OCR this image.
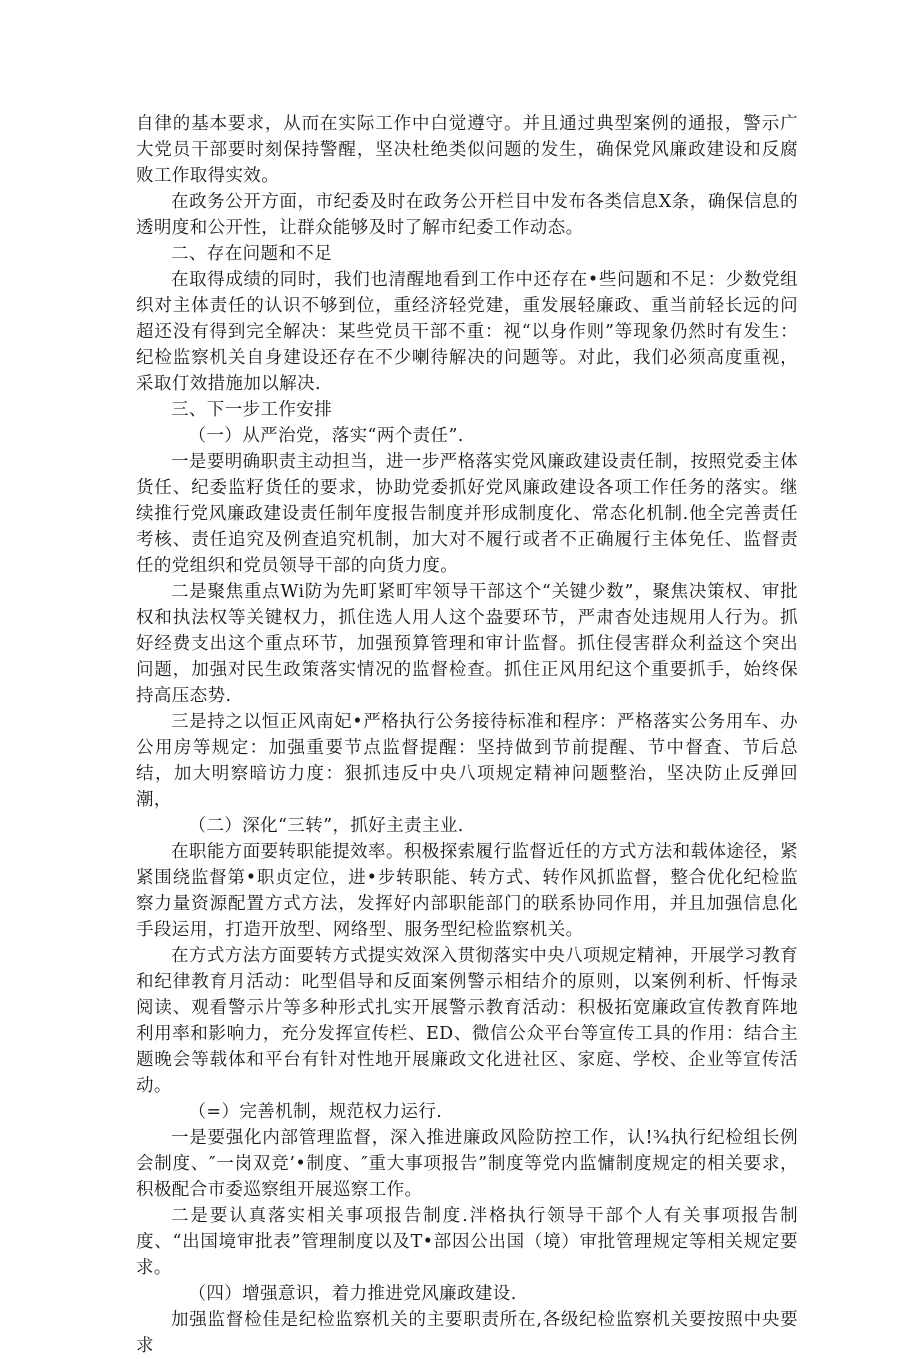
自律的基本要求，从而在实际工作中白觉遵守。并且通过典型案例的通报，警示广大党员干部要时刻保持警醒，坚决杜绝类似问题的发生，确保党风廉政建设和反腐败工作取得实效。

在政务公开方面，市纪委及时在政务公开栏目中发布各类信息X条，确保信息的透明度和公开性，让群众能够及时了解市纪委工作动态。

二、存在问题和不足

在取得成绩的同时，我们也清醒地看到工作中还存在•些问题和不足：少数党组织对主体责任的认识不够到位，重经济轻党建，重发展轻廉政、重当前轻长远的问超还没有得到完全解决：某些党员干部不重：视“以身作则”等现象仍然时有发生：纪检监察机关自身建设还存在不少喇待解决的问题等。对此，我们必须高度重视，采取仃效措施加以解决.

三、下一步工作安排

（一）从严治党，落实“两个责任”.

一是要明确职责主动担当，进一步严格落实党风廉政建设责任制，按照党委主体货任、纪委监籽货任的要求，协助党委抓好党风廉政建设各项工作任务的落实。继续推行党风廉政建设责任制年度报告制度并形成制度化、常态化机制.他全完善责任考核、责任追究及例查追究机制，加大对不履行或者不正确履行主体免任、监督责任的党组织和党员领导干部的向货力度。

二是聚焦重点Wi防为先町紧町牢领导干部这个“关键少数”，聚焦决策权、审批权和执法权等关键权力，抓住选人用人这个盎要环节，严肃杳处违规用人行为。抓好经费支出这个重点环节，加强预算管理和审计监督。抓住侵害群众利益这个突出问题，加强对民生政策落实情况的监督检查。抓住正风用纪这个重要抓手，始终保持高压态势.

三是持之以恒正风南妃•严格执行公务接待标准和程序：严格落实公务用车、办公用房等规定：加强重要节点监督提醒：坚持做到节前提醒、节中督査、节后总结，加大明察暗访力度：狠抓违反中央八项规定精神问题整治，坚决防止反弹回潮，

（二）深化“三转”，抓好主责主业.

在职能方面要转职能提效率。积极探索履行监督近任的方式方法和载体途径，紧紧围绕监督第•职贞定位，进•步转职能、转方式、转作风抓监督，整合优化纪检监察力量资源配置方式方法，发挥好内部职能部门的联系协同作用，并且加强信息化手段运用，打造开放型、网络型、服务型纪检监察机关。

在方式方法方面要转方式提实效深入贯彻落实中央八项规定精神，开展学习教育和纪律教育月活动：叱型倡导和反面案例警示相结介的原则，以案例利析、忏悔录阅读、观看警示片等多种形式扎实开展警示教育活动：积极拓宽廉政宣传教育阵地利用率和影响力，充分发挥宣传栏、ED、微信公众平台等宣传工具的作用：结合主题晚会等载体和平台有针对性地开展廉政文化进社区、家庭、学校、企业等宣传活动。

（=）完善机制，规范权力运行.

一是要强化内部管理监督，深入推进廉政风险防控工作，认!¾执行纪检组长例会制度、″一岗双竞’•制度、″重大事项报告”制度等党内监慵制度规定的相关要求，积极配合市委巡察组开展巡察工作。

二是要认真落实相关事项报告制度.泮格执行领导干部个人有关事项报告制度、“出国境审批表”管理制度以及T•部因公出国（境）审批管理规定等相关规定要求。

（四）增强意识，着力推进党风廉政建设.

加强监督检佳是纪检监察机关的主要职责所在,各级纪检监察机关要按照中央要求
